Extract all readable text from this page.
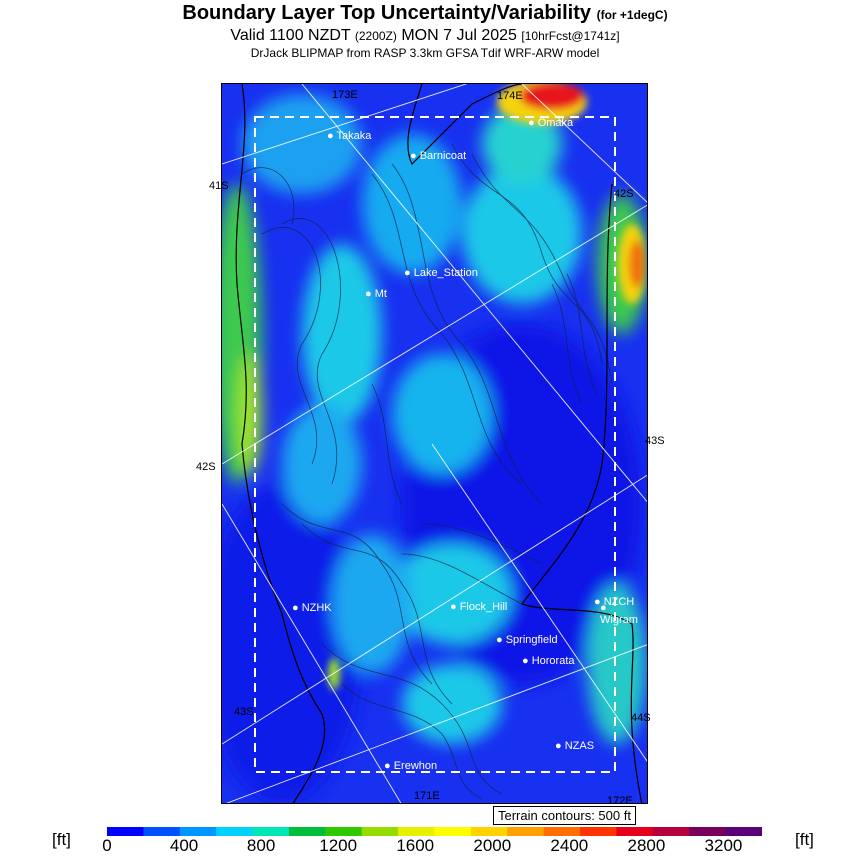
Boundary Layer Top Uncertainty/Variability (for +1degC)
Valid 1100 NZDT (2200Z) MON 7 Jul 2025 [10hrFcst@1741z]
DrJack BLIPMAP from RASP 3.3km GFSA Tdif WRF-ARW model
173E	174E
171E	172E
● Takaka
● Barnicoat
● Omaka
● Lake_Station
● Mt
● NZHK	● Flock_Hill	● NZCH
● Wigram
● Springfield
● Hororata
● NZAS
● Erewhon
41S
42S
42S
43S
43S	44S
Terrain contours: 500 ft
[ft]	[ft]
0	400	800	1200 1600 2000 2400 2800 3200
